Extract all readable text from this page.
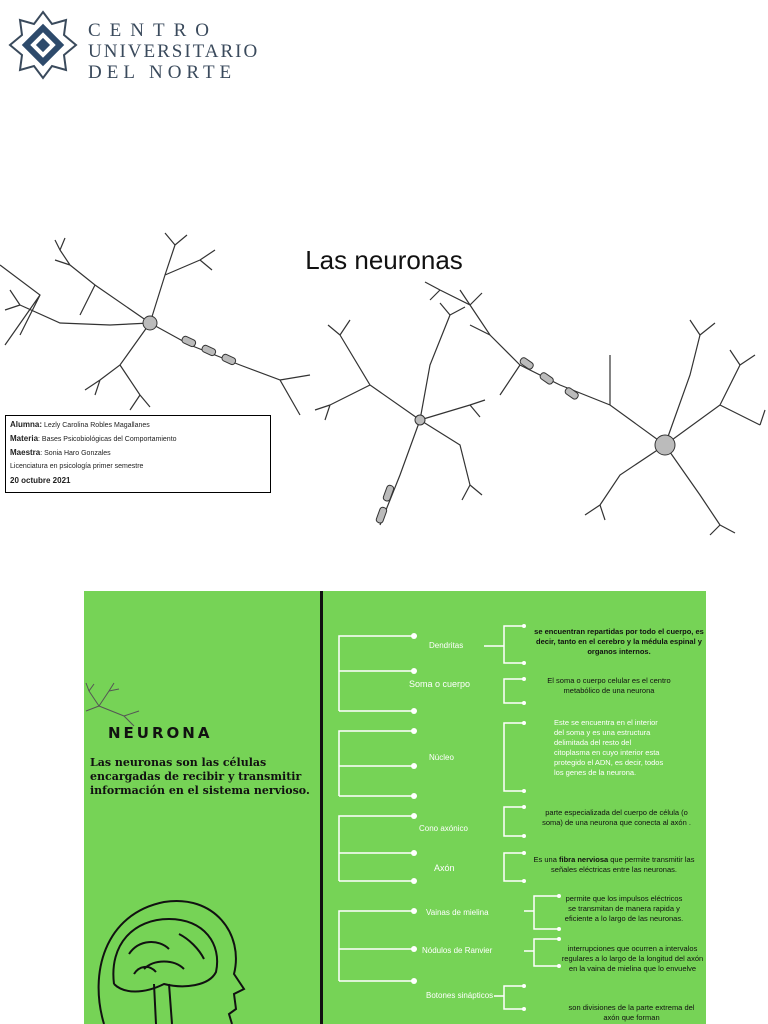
CENTRO
UNIVERSITARIO
DEL NORTE
Las neuronas
Alumna: Lezly Carolina Robles Magallanes
Materia: Bases Psicobiológicas del Comportamiento
Maestra: Sonia Haro Gonzales
Licenciatura en psicología primer semestre
20 octubre 2021
NEURONA
Las neuronas son las células encargadas de recibir y transmitir información en el sistema nervioso.
Dendritas
Soma o cuerpo
Núcleo
Cono axónico
Axón
Vainas de mielina
Nódulos de Ranvier
Botones sinápticos
se encuentran repartidas por todo el cuerpo, es decir, tanto en el cerebro y la médula espinal y organos internos.
El soma o cuerpo celular es el centro metabólico de una neurona
Este se encuentra en el interior del soma y es una estructura delimitada del resto del citoplasma en cuyo interior esta protegido el ADN, es decir, todos los genes de la neurona.
parte especializada del cuerpo de célula (o soma) de una neurona que conecta al axón .
Es una fibra nerviosa que permite transmitir las señales eléctricas entre las neuronas.
permite que los impulsos eléctricos se transmitan de manera rapida y eficiente a lo largo de las neuronas.
interrupciones que ocurren a intervalos regulares a lo largo de la longitud del axón en la vaina de mielina que lo envuelve
son divisiones de la parte extrema del axón que forman
